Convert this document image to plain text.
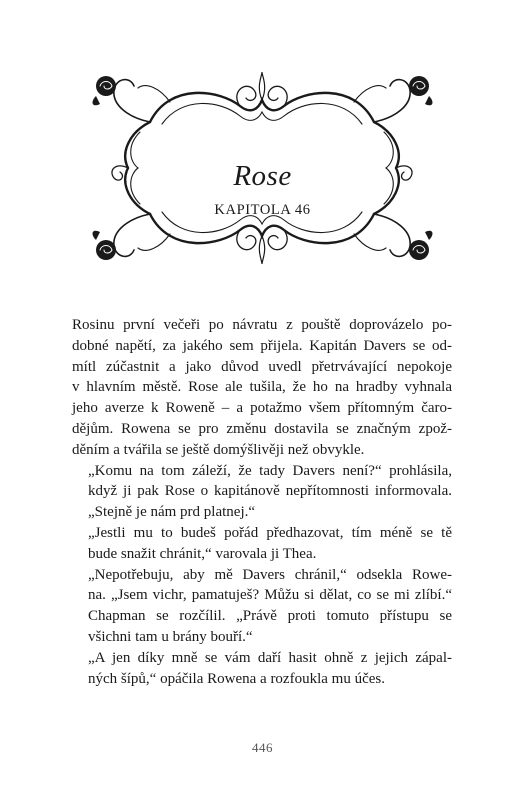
Rose
KAPITOLA 46

Rosinu první večeři po návratu z pouště doprovázelo po-
dobné napětí, za jakého sem přijela. Kapitán Davers se od-
mítl zúčastnit a jako důvod uvedl přetrvávající nepokoje
v hlavním městě. Rose ale tušila, že ho na hradby vyhnala
jeho averze k Roweně – a potažmo všem přítomným čaro-
dějům. Rowena se pro změnu dostavila se značným zpož-
děním a tvářila se ještě domýšlivěji než obvykle.

„Komu na tom záleží, že tady Davers není?“ prohlásila,
když ji pak Rose o kapitánově nepřítomnosti informovala.
„Stejně je nám prd platnej.“

„Jestli mu to budeš pořád předhazovat, tím méně se tě
bude snažit chránit,“ varovala ji Thea.

„Nepotřebuju, aby mě Davers chránil,“ odsekla Rowe-
na. „Jsem vichr, pamatuješ? Můžu si dělat, co se mi zlíbí.“

Chapman se rozčílil. „Právě proti tomuto přístupu se
všichni tam u brány bouří.“

„A jen díky mně se vám daří hasit ohně z jejich zápal-
ných šípů,“ opáčila Rowena a rozfoukla mu účes.

446
